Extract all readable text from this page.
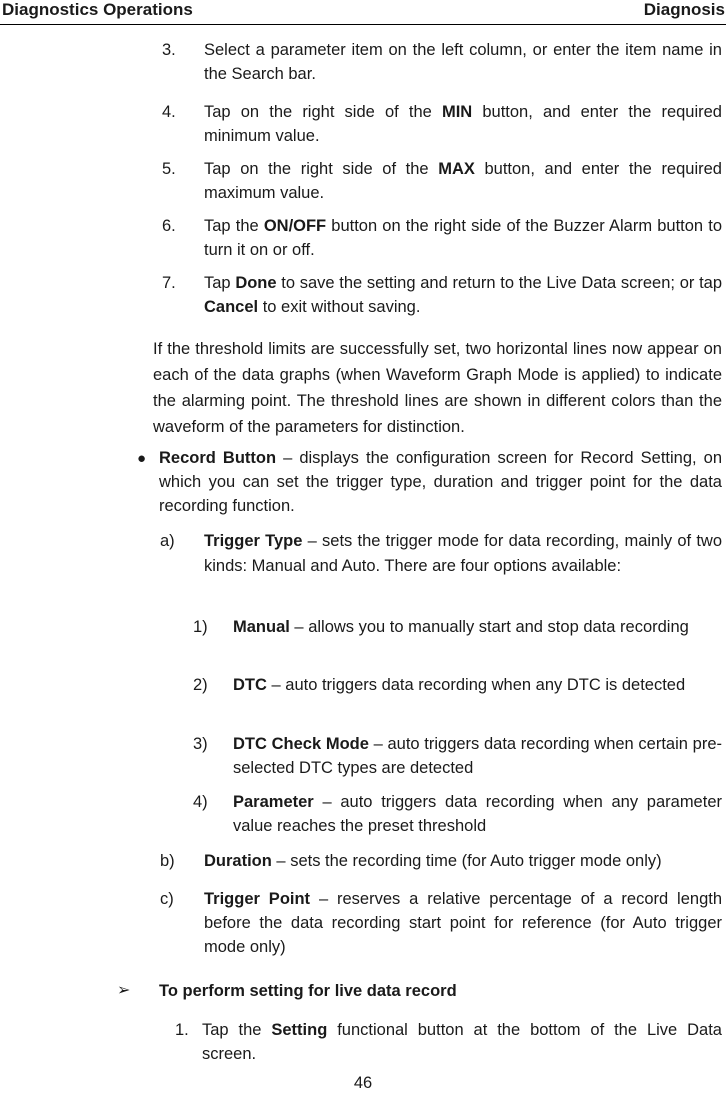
Diagnostics Operations	Diagnosis
3. Select a parameter item on the left column, or enter the item name in the Search bar.
4. Tap on the right side of the MIN button, and enter the required minimum value.
5. Tap on the right side of the MAX button, and enter the required maximum value.
6. Tap the ON/OFF button on the right side of the Buzzer Alarm button to turn it on or off.
7. Tap Done to save the setting and return to the Live Data screen; or tap Cancel to exit without saving.
If the threshold limits are successfully set, two horizontal lines now appear on each of the data graphs (when Waveform Graph Mode is applied) to indicate the alarming point. The threshold lines are shown in different colors than the waveform of the parameters for distinction.
● Record Button – displays the configuration screen for Record Setting, on which you can set the trigger type, duration and trigger point for the data recording function.
a) Trigger Type – sets the trigger mode for data recording, mainly of two kinds: Manual and Auto. There are four options available:
1) Manual – allows you to manually start and stop data recording
2) DTC – auto triggers data recording when any DTC is detected
3) DTC Check Mode – auto triggers data recording when certain pre-selected DTC types are detected
4) Parameter – auto triggers data recording when any parameter value reaches the preset threshold
b) Duration – sets the recording time (for Auto trigger mode only)
c) Trigger Point – reserves a relative percentage of a record length before the data recording start point for reference (for Auto trigger mode only)
➢ To perform setting for live data record
1. Tap the Setting functional button at the bottom of the Live Data screen.
46
